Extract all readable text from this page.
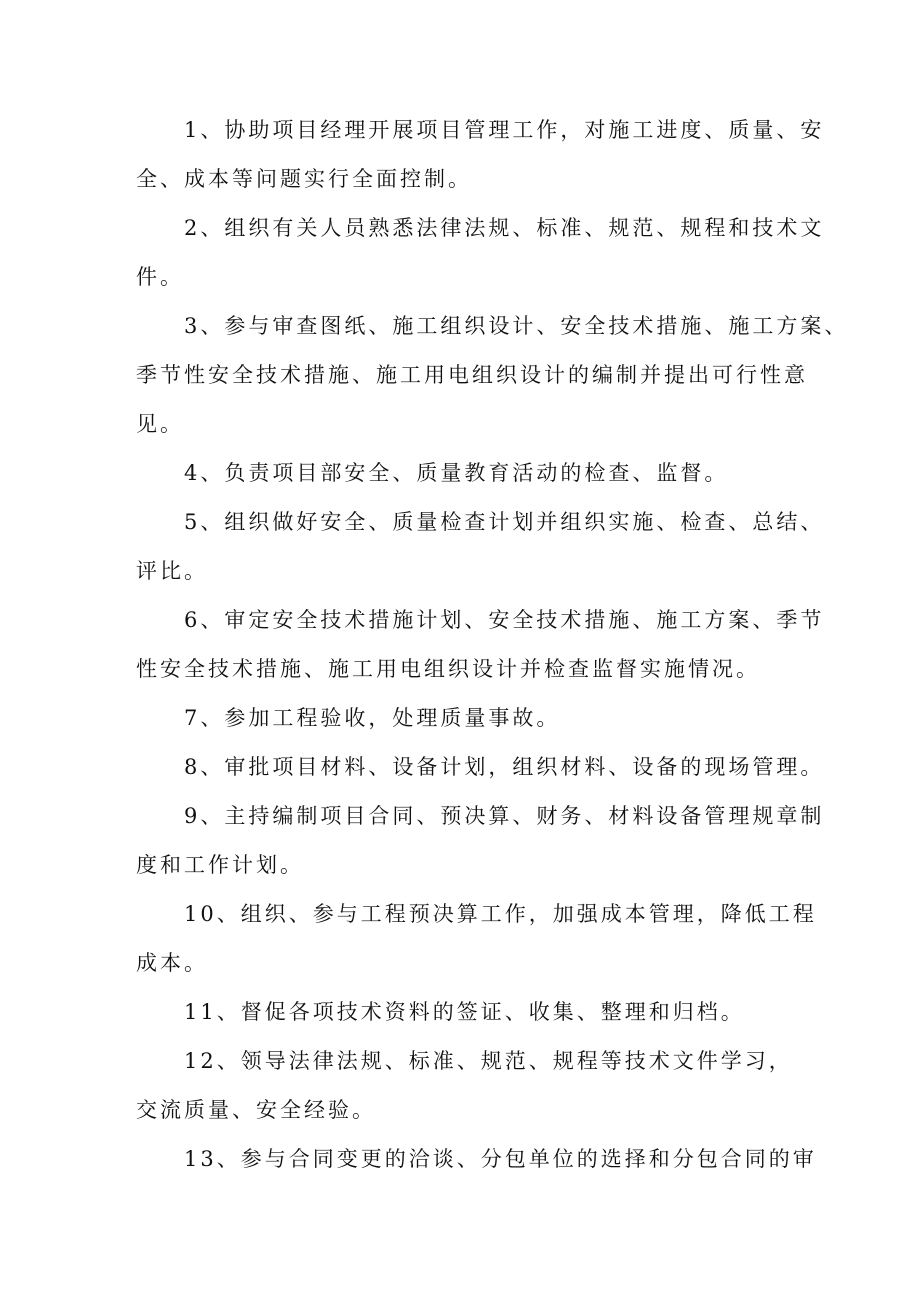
1、协助项目经理开展项目管理工作，对施工进度、质量、安
全、成本等问题实行全面控制。
2、组织有关人员熟悉法律法规、标准、规范、规程和技术文
件。
3、参与审查图纸、施工组织设计、安全技术措施、施工方案、
季节性安全技术措施、施工用电组织设计的编制并提出可行性意
见。
4、负责项目部安全、质量教育活动的检查、监督。
5、组织做好安全、质量检查计划并组织实施、检查、总结、
评比。
6、审定安全技术措施计划、安全技术措施、施工方案、季节
性安全技术措施、施工用电组织设计并检查监督实施情况。
7、参加工程验收，处理质量事故。
8、审批项目材料、设备计划，组织材料、设备的现场管理。
9、主持编制项目合同、预决算、财务、材料设备管理规章制
度和工作计划。
10、组织、参与工程预决算工作，加强成本管理，降低工程
成本。
11、督促各项技术资料的签证、收集、整理和归档。
12、领导法律法规、标准、规范、规程等技术文件学习，
交流质量、安全经验。
13、参与合同变更的洽谈、分包单位的选择和分包合同的审
